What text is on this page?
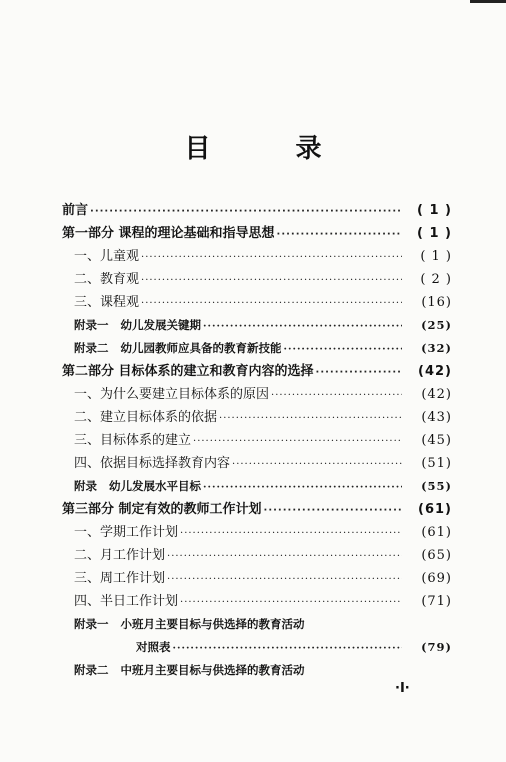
目 录
前言 ·····	( 1 )
第一部分 课程的理论基础和指导思想 ·····	( 1 )
一、儿童观 ·····	( 1 )
二、教育观 ·····	( 2 )
三、课程观 ·····	(16)
附录一 幼儿发展关键期 ·····	(25)
附录二 幼儿园教师应具备的教育新技能 ·····	(32)
第二部分 目标体系的建立和教育内容的选择 ·····	(42)
一、为什么要建立目标体系的原因 ·····	(42)
二、建立目标体系的依据 ·····	(43)
三、目标体系的建立 ·····	(45)
四、依据目标选择教育内容 ·····	(51)
附录 幼儿发展水平目标 ·····	(55)
第三部分 制定有效的教师工作计划 ·····	(61)
一、学期工作计划 ·····	(61)
二、月工作计划 ·····	(65)
三、周工作计划 ·····	(69)
四、半日工作计划 ·····	(71)
附录一 小班月主要目标与供选择的教育活动
对照表 ·····	(79)
附录二 中班月主要目标与供选择的教育活动
·I·
